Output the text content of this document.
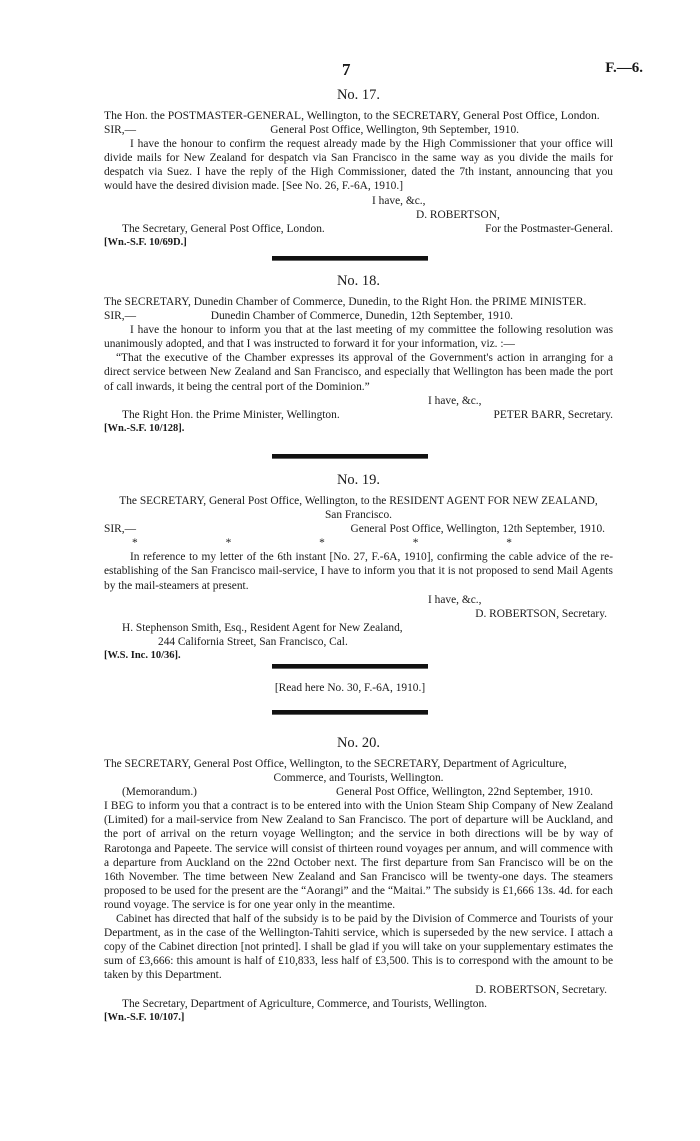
7	F.—6.
No. 17.
The Hon. the POSTMASTER-GENERAL, Wellington, to the SECRETARY, General Post Office, London.
SIR,—	General Post Office, Wellington, 9th September, 1910.
I have the honour to confirm the request already made by the High Commissioner that your office will divide mails for New Zealand for despatch via San Francisco in the same way as you divide the mails for despatch via Suez. I have the reply of the High Commissioner, dated the 7th instant, announcing that you would have the desired division made. [See No. 26, F.-6A, 1910.]
I have, &c.,
D. ROBERTSON,
The Secretary, General Post Office, London.	For the Postmaster-General.
[Wn.-S.F. 10/69D.]
No. 18.
The SECRETARY, Dunedin Chamber of Commerce, Dunedin, to the Right Hon. the PRIME MINISTER.
SIR,—	Dunedin Chamber of Commerce, Dunedin, 12th September, 1910.
I have the honour to inform you that at the last meeting of my committee the following resolution was unanimously adopted, and that I was instructed to forward it for your information, viz. :—
“That the executive of the Chamber expresses its approval of the Government's action in arranging for a direct service between New Zealand and San Francisco, and especially that Wellington has been made the port of call inwards, it being the central port of the Dominion.”
I have, &c.,
The Right Hon. the Prime Minister, Wellington.	PETER BARR, Secretary.
[Wn.-S.F. 10/128].
No. 19.
The SECRETARY, General Post Office, Wellington, to the RESIDENT AGENT FOR NEW ZEALAND,
San Francisco.
SIR,—	General Post Office, Wellington, 12th September, 1910.
*	*	*	*	*
In reference to my letter of the 6th instant [No. 27, F.-6A, 1910], confirming the cable advice of the re-establishing of the San Francisco mail-service, I have to inform you that it is not proposed to send Mail Agents by the mail-steamers at present.
I have, &c.,
D. ROBERTSON, Secretary.
H. Stephenson Smith, Esq., Resident Agent for New Zealand,
244 California Street, San Francisco, Cal.
[W.S. Inc. 10/36].
[Read here No. 30, F.-6A, 1910.]
No. 20.
The SECRETARY, General Post Office, Wellington, to the SECRETARY, Department of Agriculture,
Commerce, and Tourists, Wellington.
(Memorandum.)	General Post Office, Wellington, 22nd September, 1910.
I BEG to inform you that a contract is to be entered into with the Union Steam Ship Company of New Zealand (Limited) for a mail-service from New Zealand to San Francisco. The port of departure will be Auckland, and the port of arrival on the return voyage Wellington; and the service in both directions will be by way of Rarotonga and Papeete. The service will consist of thirteen round voyages per annum, and will commence with a departure from Auckland on the 22nd October next. The first departure from San Francisco will be on the 16th November. The time between New Zealand and San Francisco will be twenty-one days. The steamers proposed to be used for the present are the “Aorangi” and the “Maitai.” The subsidy is £1,666 13s. 4d. for each round voyage. The service is for one year only in the meantime.
Cabinet has directed that half of the subsidy is to be paid by the Division of Commerce and Tourists of your Department, as in the case of the Wellington-Tahiti service, which is superseded by the new service. I attach a copy of the Cabinet direction [not printed]. I shall be glad if you will take on your supplementary estimates the sum of £3,666: this amount is half of £10,833, less half of £3,500. This is to correspond with the amount to be taken by this Department.
D. ROBERTSON, Secretary.
The Secretary, Department of Agriculture, Commerce, and Tourists, Wellington.
[Wn.-S.F. 10/107.]
